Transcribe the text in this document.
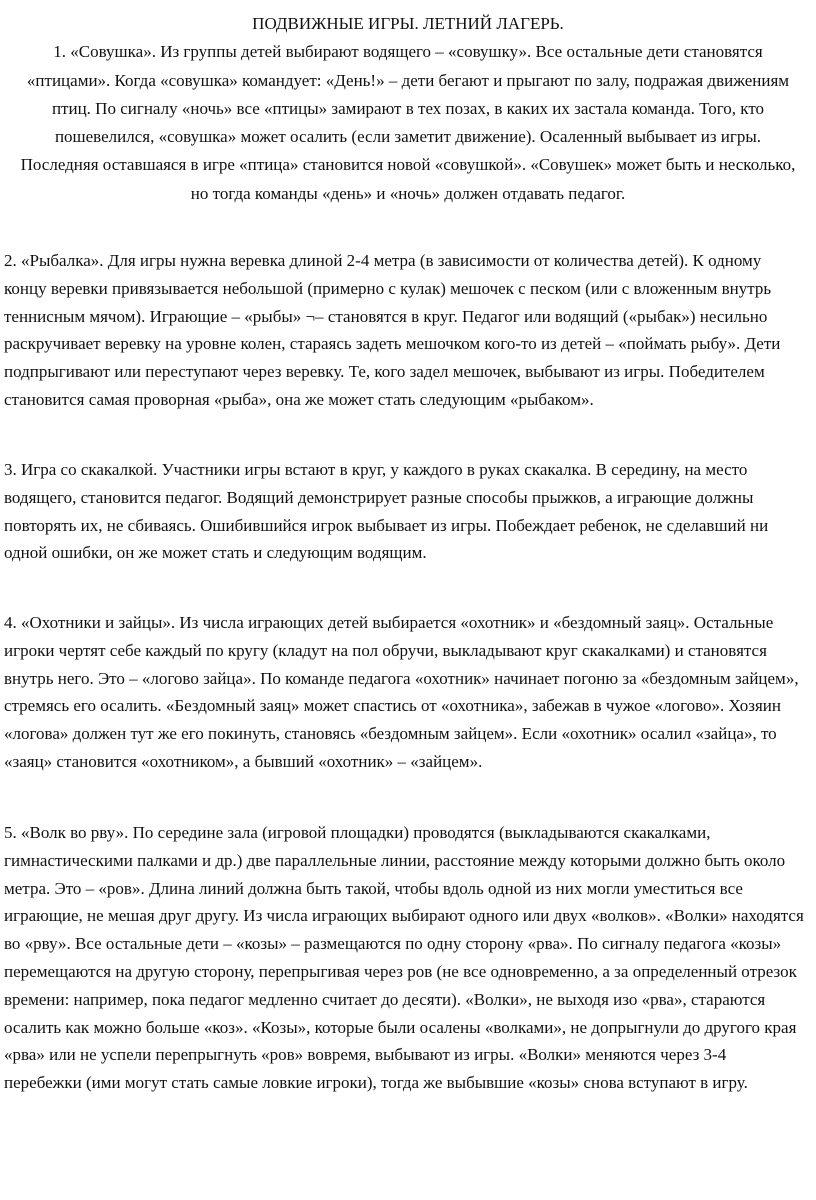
ПОДВИЖНЫЕ ИГРЫ. ЛЕТНИЙ ЛАГЕРЬ.

1. «Совушка». Из группы детей выбирают водящего – «совушку». Все остальные дети становятся «птицами». Когда «совушка» командует: «День!» – дети бегают и прыгают по залу, подражая движениям птиц. По сигналу «ночь» все «птицы» замирают в тех позах, в каких их застала команда. Того, кто пошевелился, «совушка» может осалить (если заметит движение). Осаленный выбывает из игры. Последняя оставшаяся в игре «птица» становится новой «совушкой». «Совушек» может быть и несколько, но тогда команды «день» и «ночь» должен отдавать педагог.

2. «Рыбалка». Для игры нужна веревка длиной 2-4 метра (в зависимости от количества детей). К одному концу веревки привязывается небольшой (примерно с кулак) мешочек с песком (или с вложенным внутрь теннисным мячом). Играющие – «рыбы» ¬– становятся в круг. Педагог или водящий («рыбак») несильно раскручивает веревку на уровне колен, стараясь задеть мешочком кого-то из детей – «поймать рыбу». Дети подпрыгивают или переступают через веревку. Те, кого задел мешочек, выбывают из игры. Победителем становится самая проворная «рыба», она же может стать следующим «рыбаком».

3. Игра со скакалкой. Участники игры встают в круг, у каждого в руках скакалка. В середину, на место водящего, становится педагог. Водящий демонстрирует разные способы прыжков, а играющие должны повторять их, не сбиваясь. Ошибившийся игрок выбывает из игры. Побеждает ребенок, не сделавший ни одной ошибки, он же может стать и следующим водящим.

4. «Охотники и зайцы». Из числа играющих детей выбирается «охотник» и «бездомный заяц». Остальные игроки чертят себе каждый по кругу (кладут на пол обручи, выкладывают круг скакалками) и становятся внутрь него. Это – «логово зайца». По команде педагога «охотник» начинает погоню за «бездомным зайцем», стремясь его осалить. «Бездомный заяц» может спастись от «охотника», забежав в чужое «логово». Хозяин «логова» должен тут же его покинуть, становясь «бездомным зайцем». Если «охотник» осалил «зайца», то «заяц» становится «охотником», а бывший «охотник» – «зайцем».

5. «Волк во рву». По середине зала (игровой площадки) проводятся (выкладываются скакалками, гимнастическими палками и др.) две параллельные линии, расстояние между которыми должно быть около метра. Это – «ров». Длина линий должна быть такой, чтобы вдоль одной из них могли уместиться все играющие, не мешая друг другу. Из числа играющих выбирают одного или двух «волков». «Волки» находятся во «рву». Все остальные дети – «козы» – размещаются по одну сторону «рва». По сигналу педагога «козы» перемещаются на другую сторону, перепрыгивая через ров (не все одновременно, а за определенный отрезок времени: например, пока педагог медленно считает до десяти). «Волки», не выходя изо «рва», стараются осалить как можно больше «коз». «Козы», которые были осалены «волками», не допрыгнули до другого края «рва» или не успели перепрыгнуть «ров» вовремя, выбывают из игры. «Волки» меняются через 3-4 перебежки (ими могут стать самые ловкие игроки), тогда же выбывшие «козы» снова вступают в игру.
